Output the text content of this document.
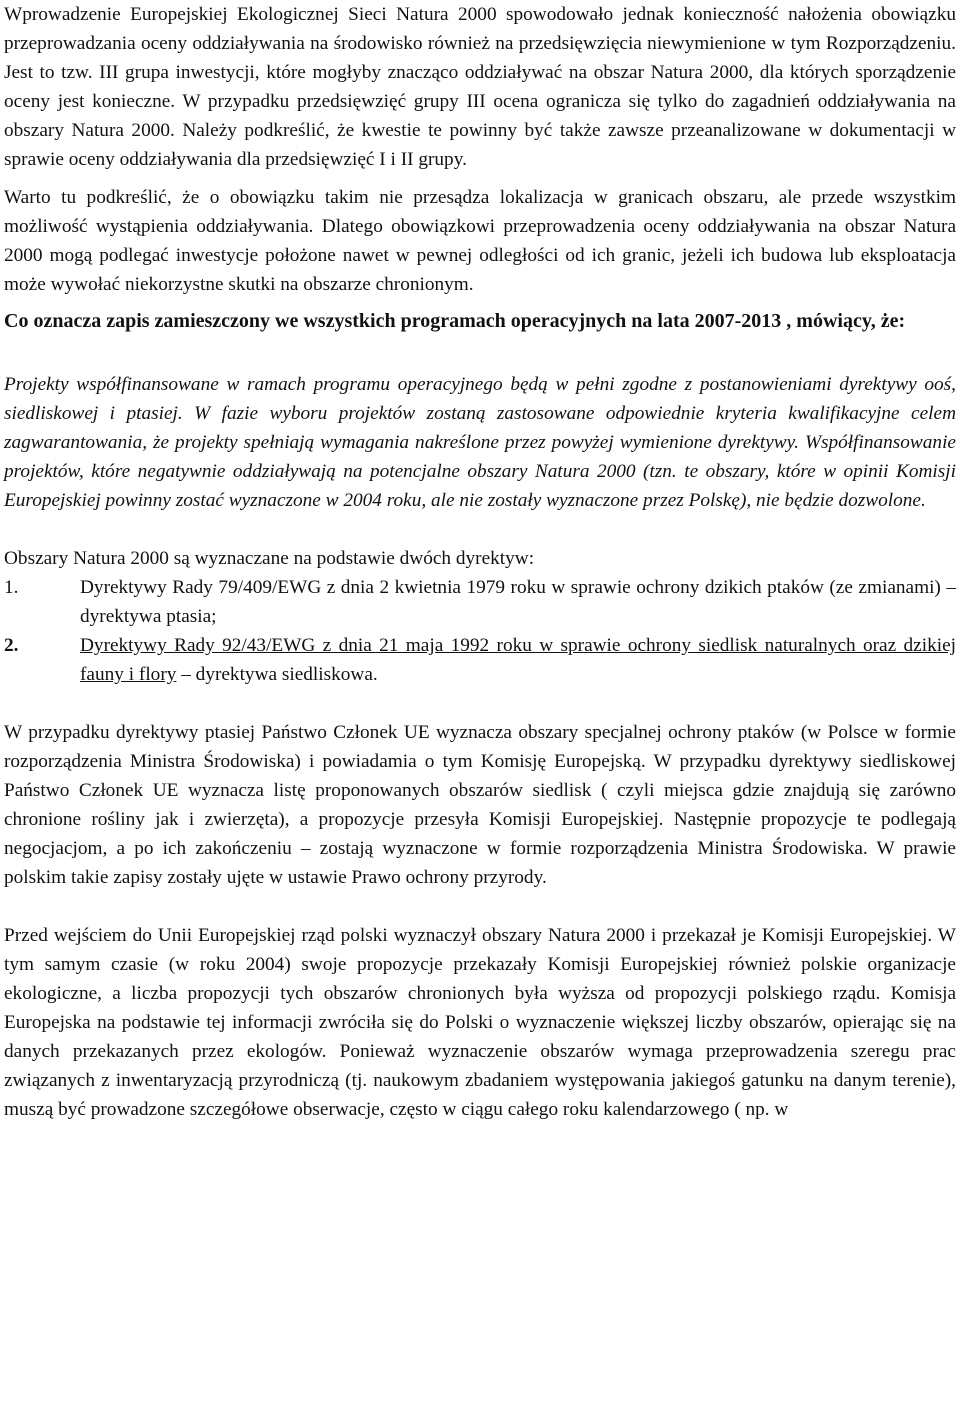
Wprowadzenie Europejskiej Ekologicznej Sieci Natura 2000 spowodowało jednak konieczność nałożenia obowiązku przeprowadzania oceny oddziaływania na środowisko również na przedsięwzięcia niewymienione w tym Rozporządzeniu. Jest to tzw. III grupa inwestycji, które mogłyby znacząco oddziaływać na obszar Natura 2000, dla których sporządzenie oceny jest konieczne. W przypadku przedsięwzięć grupy III ocena ogranicza się tylko do zagadnień oddziaływania na obszary Natura 2000. Należy podkreślić, że kwestie te powinny być także zawsze przeanalizowane w dokumentacji w sprawie oceny oddziaływania dla przedsięwzięć I i II grupy.

Warto tu podkreślić, że o obowiązku takim nie przesądza lokalizacja w granicach obszaru, ale przede wszystkim możliwość wystąpienia oddziaływania. Dlatego obowiązkowi przeprowadzenia oceny oddziaływania na obszar Natura 2000 mogą podlegać inwestycje położone nawet w pewnej odległości od ich granic, jeżeli ich budowa lub eksploatacja może wywołać niekorzystne skutki na obszarze chronionym.

Co oznacza zapis zamieszczony we wszystkich programach operacyjnych na lata 2007-2013 , mówiący, że:

Projekty współfinansowane w ramach programu operacyjnego będą w pełni zgodne z postanowieniami dyrektywy ooś, siedliskowej i ptasiej. W fazie wyboru projektów zostaną zastosowane odpowiednie kryteria kwalifikacyjne celem zagwarantowania, że projekty spełniają wymagania nakreślone przez powyżej wymienione dyrektywy. Współfinansowanie projektów, które negatywnie oddziaływają na potencjalne obszary Natura 2000 (tzn. te obszary, które w opinii Komisji Europejskiej powinny zostać wyznaczone w 2004 roku, ale nie zostały wyznaczone przez Polskę), nie będzie dozwolone.

Obszary Natura 2000 są wyznaczane na podstawie dwóch dyrektyw:

1.	Dyrektywy Rady 79/409/EWG z dnia 2 kwietnia 1979 roku w sprawie ochrony dzikich ptaków (ze zmianami) – dyrektywa ptasia;
2.	Dyrektywy Rady 92/43/EWG z dnia 21 maja 1992 roku w sprawie ochrony siedlisk naturalnych oraz dzikiej fauny i flory – dyrektywa siedliskowa.

W przypadku dyrektywy ptasiej Państwo Członek UE wyznacza obszary specjalnej ochrony ptaków (w Polsce w formie rozporządzenia Ministra Środowiska) i powiadamia o tym Komisję Europejską. W przypadku dyrektywy siedliskowej Państwo Członek UE wyznacza listę proponowanych obszarów siedlisk ( czyli miejsca gdzie znajdują się zarówno chronione rośliny jak i zwierzęta), a propozycje przesyła Komisji Europejskiej. Następnie propozycje te podlegają negocjacjom, a po ich zakończeniu – zostają wyznaczone w formie rozporządzenia Ministra Środowiska. W prawie polskim takie zapisy zostały ujęte w ustawie Prawo ochrony przyrody.

Przed wejściem do Unii Europejskiej rząd polski wyznaczył obszary Natura 2000 i przekazał je Komisji Europejskiej. W tym samym czasie (w roku 2004) swoje propozycje przekazały Komisji Europejskiej również polskie organizacje ekologiczne, a liczba propozycji tych obszarów chronionych była wyższa od propozycji polskiego rządu. Komisja Europejska na podstawie tej informacji zwróciła się do Polski o wyznaczenie większej liczby obszarów, opierając się na danych przekazanych przez ekologów. Ponieważ wyznaczenie obszarów wymaga przeprowadzenia szeregu prac związanych z inwentaryzacją przyrodniczą (tj. naukowym zbadaniem występowania jakiegoś gatunku na danym terenie), muszą być prowadzone szczegółowe obserwacje, często w ciągu całego roku kalendarzowego ( np. w
